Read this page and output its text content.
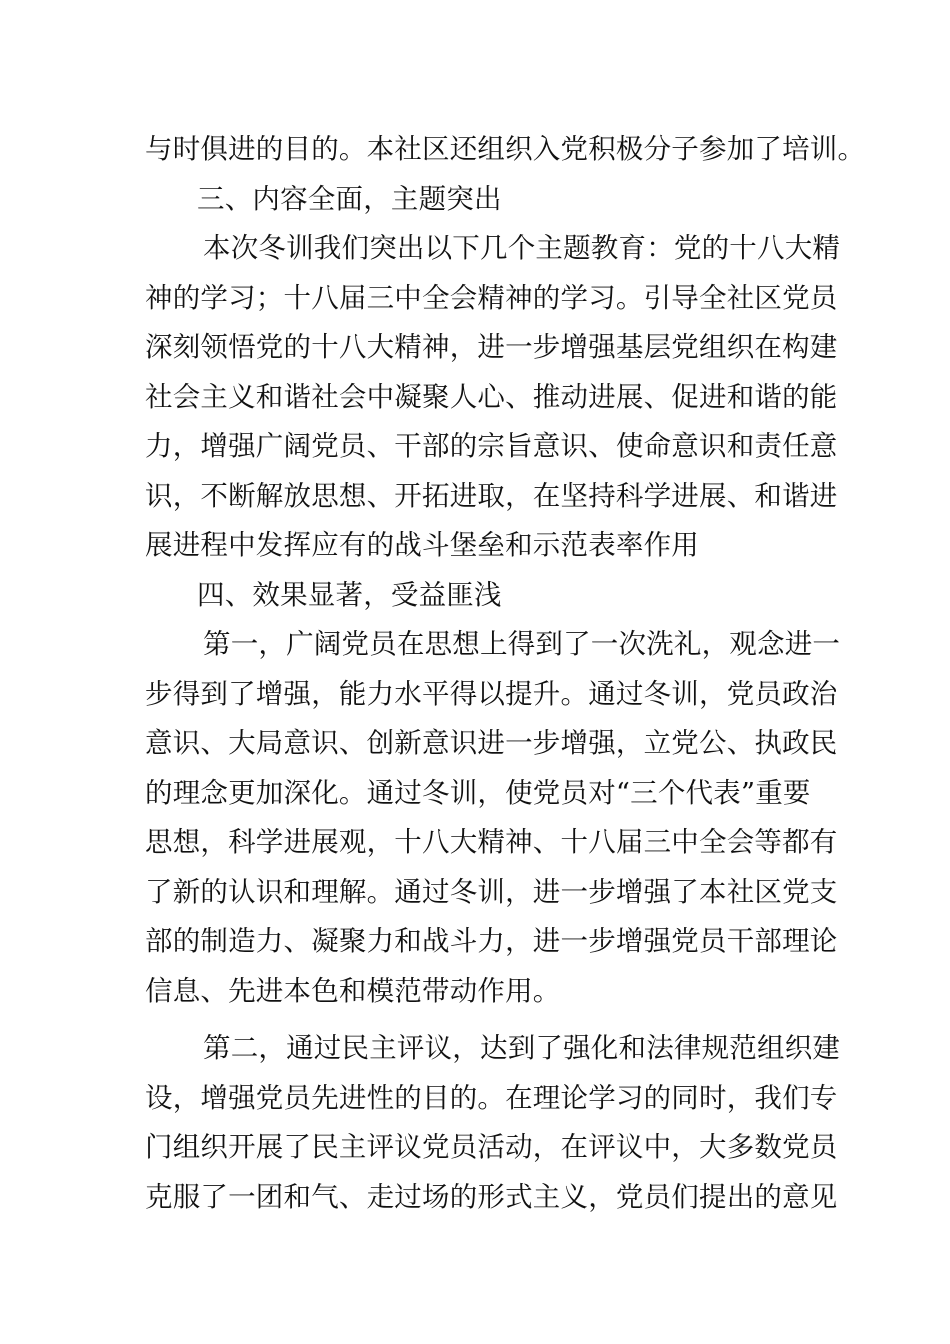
与时俱进的目的。本社区还组织入党积极分子参加了培训。
三、内容全面，主题突出
本次冬训我们突出以下几个主题教育：党的十八大精
神的学习；十八届三中全会精神的学习。引导全社区党员
深刻领悟党的十八大精神，进一步增强基层党组织在构建
社会主义和谐社会中凝聚人心、推动进展、促进和谐的能
力，增强广阔党员、干部的宗旨意识、使命意识和责任意
识，不断解放思想、开拓进取，在坚持科学进展、和谐进
展进程中发挥应有的战斗堡垒和示范表率作用
四、效果显著，受益匪浅
第一，广阔党员在思想上得到了一次洗礼，观念进一
步得到了增强，能力水平得以提升。通过冬训，党员政治
意识、大局意识、创新意识进一步增强，立党公、执政民
的理念更加深化。通过冬训，使党员对“三个代表”重要
思想，科学进展观，十八大精神、十八届三中全会等都有
了新的认识和理解。通过冬训，进一步增强了本社区党支
部的制造力、凝聚力和战斗力，进一步增强党员干部理论
信息、先进本色和模范带动作用。
第二，通过民主评议，达到了强化和法律规范组织建
设，增强党员先进性的目的。在理论学习的同时，我们专
门组织开展了民主评议党员活动，在评议中，大多数党员
克服了一团和气、走过场的形式主义，党员们提出的意见
